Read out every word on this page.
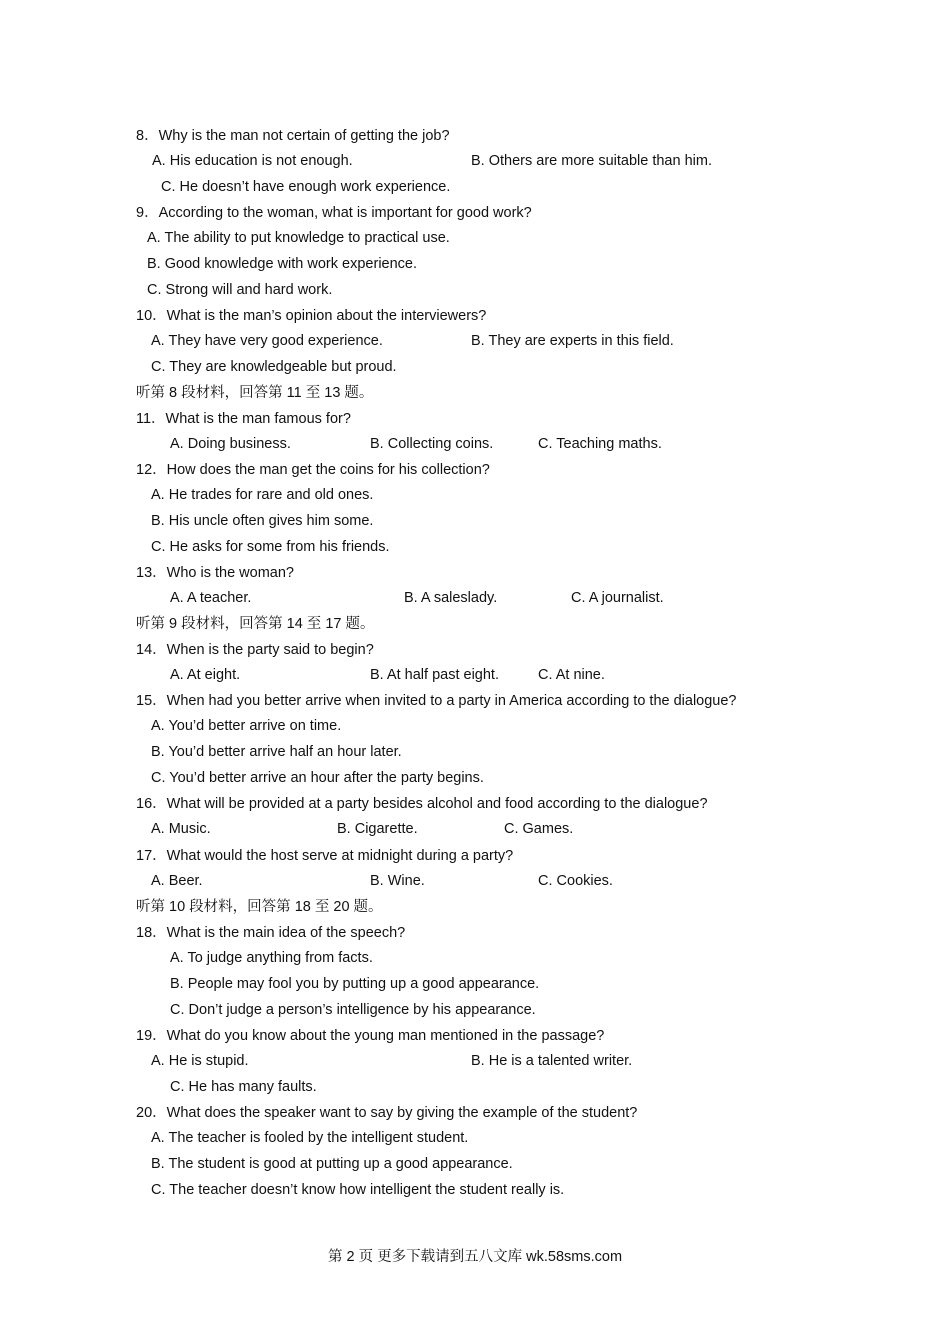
8．Why is the man not certain of getting the job?
A. His education is not enough.	B. Others are more suitable than him.
C. He doesn’t have enough work experience.
9．According to the woman, what is important for good work?
A. The ability to put knowledge to practical use.
B. Good knowledge with work experience.
C. Strong will and hard work.
10．What is the man’s opinion about the interviewers?
A. They have very good experience.	B. They are experts in this field.
C. They are knowledgeable but proud.
听第 8 段材料，回答第 11 至 13 题。
11．What is the man famous for?
A. Doing business.	B. Collecting coins.	C. Teaching maths.
12．How does the man get the coins for his collection?
A. He trades for rare and old ones.
B. His uncle often gives him some.
C. He asks for some from his friends.
13．Who is the woman?
A. A teacher.	B. A saleslady.	C. A journalist.
听第 9 段材料，回答第 14 至 17 题。
14．When is the party said to begin?
A. At eight.	B. At half past eight.	C. At nine.
15．When had you better arrive when invited to a party in America according to the dialogue?
A. You’d better arrive on time.
B. You’d better arrive half an hour later.
C. You’d better arrive an hour after the party begins.
16．What will be provided at a party besides alcohol and food according to the dialogue?
A. Music.	B. Cigarette.	C. Games.
17．What would the host serve at midnight during a party?
A. Beer.	B. Wine.	C. Cookies.
听第 10 段材料，回答第 18 至 20 题。
18．What is the main idea of the speech?
A. To judge anything from facts.
B. People may fool you by putting up a good appearance.
C. Don’t judge a person’s intelligence by his appearance.
19．What do you know about the young man mentioned in the passage?
A. He is stupid.	B. He is a talented writer.
C. He has many faults.
20．What does the speaker want to say by giving the example of the student?
A. The teacher is fooled by the intelligent student.
B. The student is good at putting up a good appearance.
C. The teacher doesn’t know how intelligent the student really is.
第 2 页 更多下载请到五八文库 wk.58sms.com
